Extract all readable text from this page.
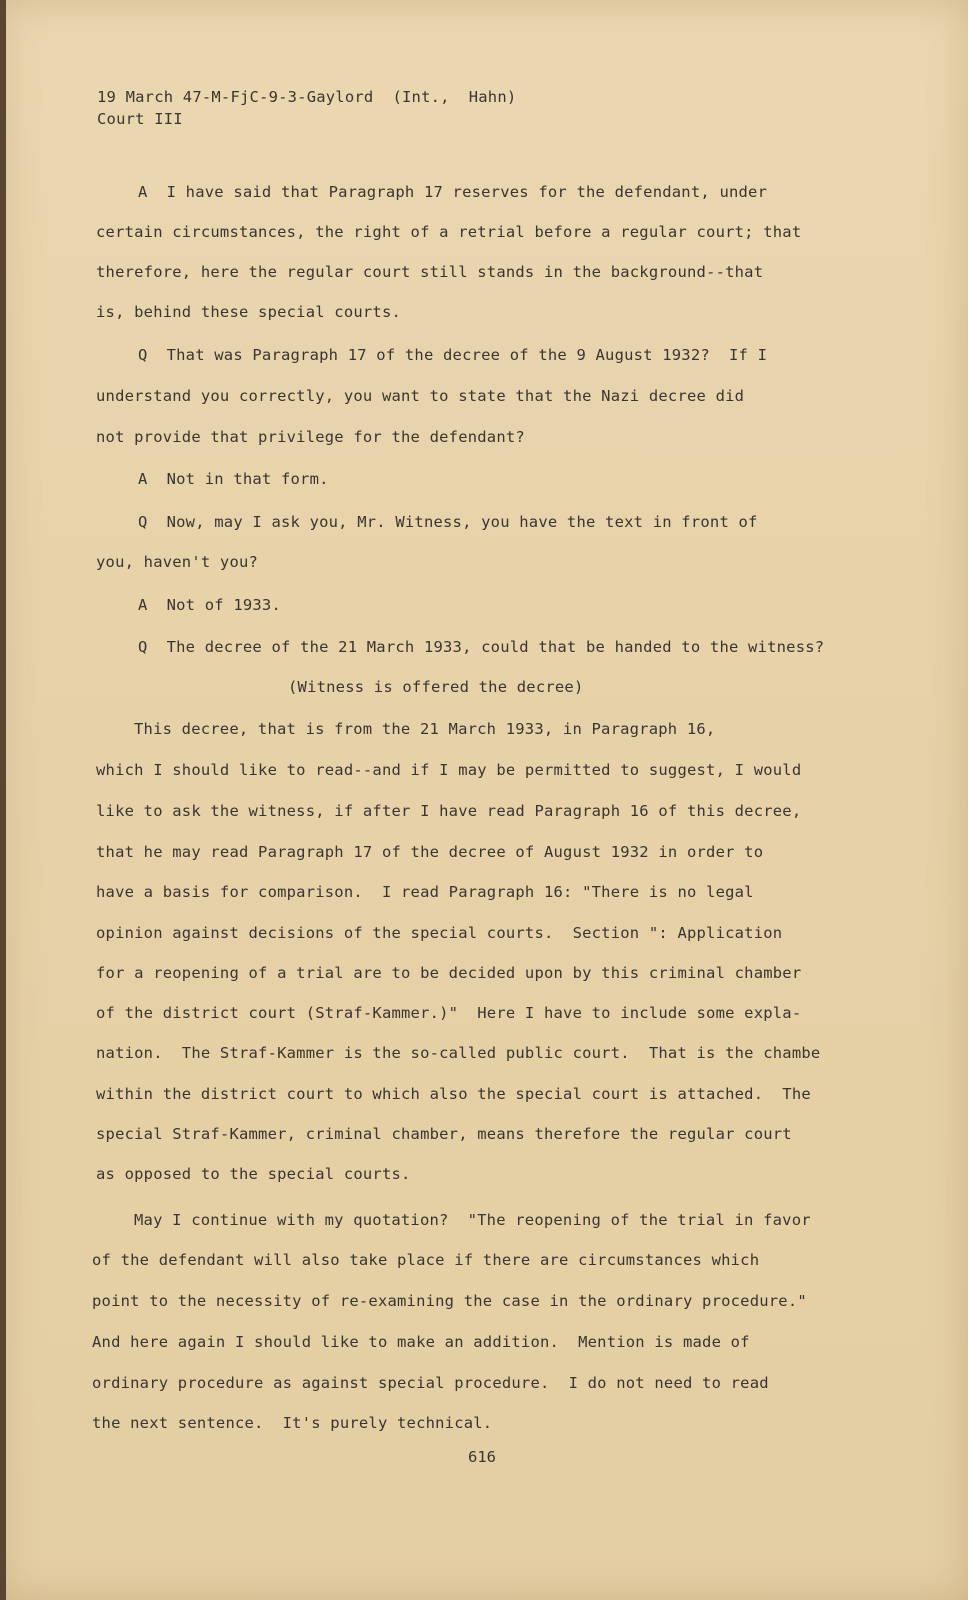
19 March 47-M-FjC-9-3-Gaylord  (Int.,  Hahn)
Court III
A  I have said that Paragraph 17 reserves for the defendant, under
certain circumstances, the right of a retrial before a regular court; that
therefore, here the regular court still stands in the background--that
is, behind these special courts.
Q  That was Paragraph 17 of the decree of the 9 August 1932?  If I
understand you correctly, you want to state that the Nazi decree did
not provide that privilege for the defendant?
A  Not in that form.
Q  Now, may I ask you, Mr. Witness, you have the text in front of
you, haven't you?
A  Not of 1933.
Q  The decree of the 21 March 1933, could that be handed to the witness?
(Witness is offered the decree)
This decree, that is from the 21 March 1933, in Paragraph 16,
which I should like to read--and if I may be permitted to suggest, I would
like to ask the witness, if after I have read Paragraph 16 of this decree,
that he may read Paragraph 17 of the decree of August 1932 in order to
have a basis for comparison.  I read Paragraph 16: "There is no legal
opinion against decisions of the special courts.  Section ": Application
for a reopening of a trial are to be decided upon by this criminal chamber
of the district court (Straf-Kammer.)"  Here I have to include some expla-
nation.  The Straf-Kammer is the so-called public court.  That is the chambe
within the district court to which also the special court is attached.  The
special Straf-Kammer, criminal chamber, means therefore the regular court
as opposed to the special courts.
May I continue with my quotation?  "The reopening of the trial in favor
of the defendant will also take place if there are circumstances which
point to the necessity of re-examining the case in the ordinary procedure."
And here again I should like to make an addition.  Mention is made of
ordinary procedure as against special procedure.  I do not need to read
the next sentence.  It's purely technical.
616
